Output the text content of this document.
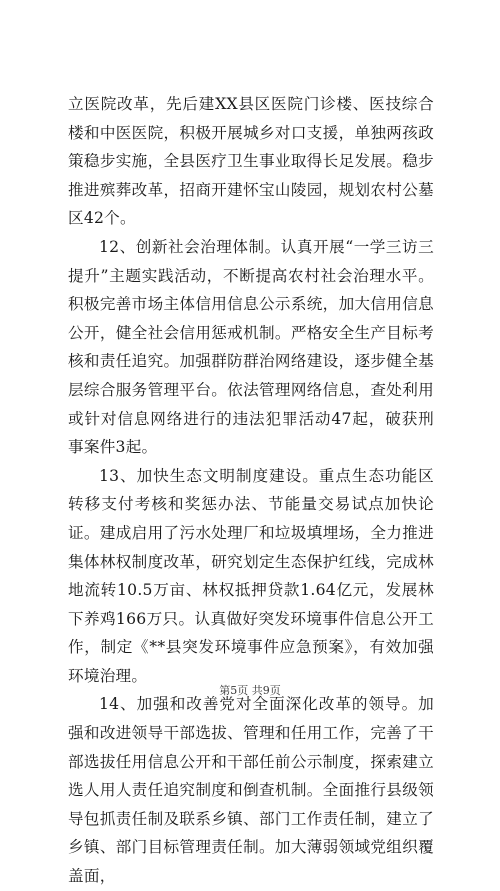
立医院改革，先后建XX县区医院门诊楼、医技综合楼和中医医院，积极开展城乡对口支援，单独两孩政策稳步实施，全县医疗卫生事业取得长足发展。稳步推进殡葬改革，招商开建怀宝山陵园，规划农村公墓区42个。

12、创新社会治理体制。认真开展“一学三访三提升”主题实践活动，不断提高农村社会治理水平。积极完善市场主体信用信息公示系统，加大信用信息公开，健全社会信用惩戒机制。严格安全生产目标考核和责任追究。加强群防群治网络建设，逐步健全基层综合服务管理平台。依法管理网络信息，查处利用或针对信息网络进行的违法犯罪活动47起，破获刑事案件3起。

13、加快生态文明制度建设。重点生态功能区转移支付考核和奖惩办法、节能量交易试点加快论证。建成启用了污水处理厂和垃圾填埋场，全力推进集体林权制度改革，研究划定生态保护红线，完成林地流转10.5万亩、林权抵押贷款1.64亿元，发展林下养鸡166万只。认真做好突发环境事件信息公开工作，制定《**县突发环境事件应急预案》，有效加强环境治理。

14、加强和改善党对全面深化改革的领导。加强和改进领导干部选拔、管理和任用工作，完善了干部选拔任用信息公开和干部任前公示制度，探索建立选人用人责任追究制度和倒查机制。全面推行县级领导包抓责任制及联系乡镇、部门工作责任制，建立了乡镇、部门目标管理责任制。加大薄弱领域党组织覆盖面，

第5页 共9页
